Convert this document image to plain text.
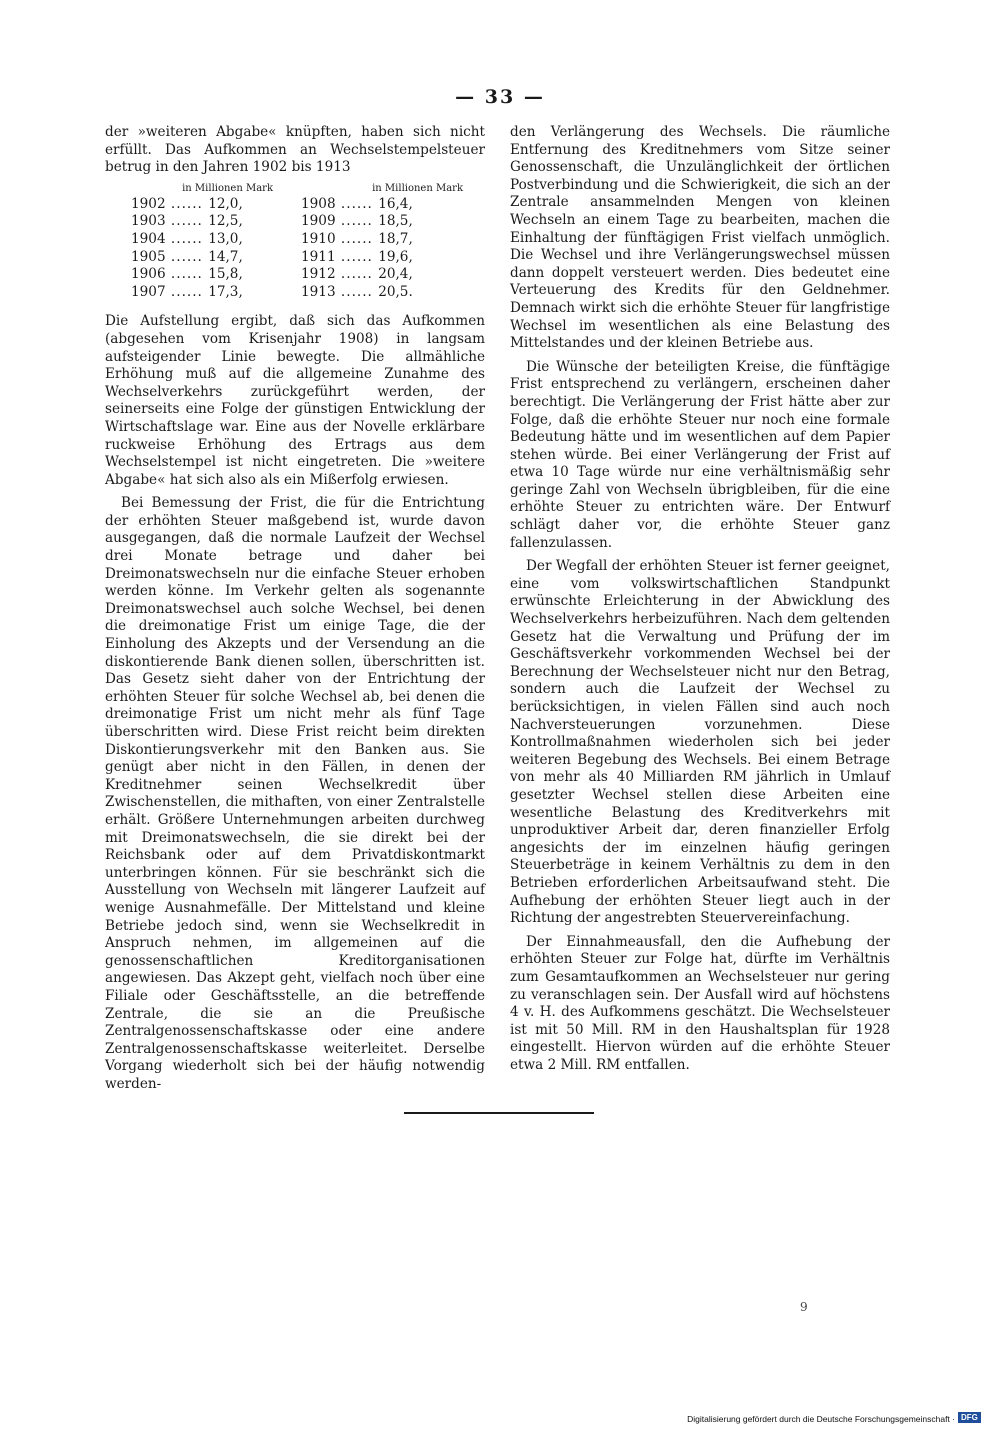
— 33 —

der »weiteren Abgabe« knüpften, haben sich nicht erfüllt. Das Aufkommen an Wechselstempelsteuer betrug in den Jahren 1902 bis 1913

in Millionen Mark	in Millionen Mark
1902 ...... 12,0,	1908 ...... 16,4,
1903 ...... 12,5,	1909 ...... 18,5,
1904 ...... 13,0,	1910 ...... 18,7,
1905 ...... 14,7,	1911 ...... 19,6,
1906 ...... 15,8,	1912 ...... 20,4,
1907 ...... 17,3,	1913 ...... 20,5.

Die Aufstellung ergibt, daß sich das Aufkommen (abgesehen vom Krisenjahr 1908) in langsam aufsteigender Linie bewegte. Die allmähliche Erhöhung muß auf die allgemeine Zunahme des Wechselverkehrs zurückgeführt werden, der seinerseits eine Folge der günstigen Entwicklung der Wirtschaftslage war. Eine aus der Novelle erklärbare ruckweise Erhöhung des Ertrags aus dem Wechselstempel ist nicht eingetreten. Die »weitere Abgabe« hat sich also als ein Mißerfolg erwiesen.

Bei Bemessung der Frist, die für die Entrichtung der erhöhten Steuer maßgebend ist, wurde davon ausgegangen, daß die normale Laufzeit der Wechsel drei Monate betrage und daher bei Dreimonatswechseln nur die einfache Steuer erhoben werden könne. Im Verkehr gelten als sogenannte Dreimonatswechsel auch solche Wechsel, bei denen die dreimonatige Frist um einige Tage, die der Einholung des Akzepts und der Versendung an die diskontierende Bank dienen sollen, überschritten ist. Das Gesetz sieht daher von der Entrichtung der erhöhten Steuer für solche Wechsel ab, bei denen die dreimonatige Frist um nicht mehr als fünf Tage überschritten wird. Diese Frist reicht beim direkten Diskontierungsverkehr mit den Banken aus. Sie genügt aber nicht in den Fällen, in denen der Kreditnehmer seinen Wechselkredit über Zwischenstellen, die mithaften, von einer Zentralstelle erhält. Größere Unternehmungen arbeiten durchweg mit Dreimonatswechseln, die sie direkt bei der Reichsbank oder auf dem Privatdiskontmarkt unterbringen können. Für sie beschränkt sich die Ausstellung von Wechseln mit längerer Laufzeit auf wenige Ausnahmefälle. Der Mittelstand und kleine Betriebe jedoch sind, wenn sie Wechselkredit in Anspruch nehmen, im allgemeinen auf die genossenschaftlichen Kreditorganisationen angewiesen. Das Akzept geht, vielfach noch über eine Filiale oder Geschäftsstelle, an die betreffende Zentrale, die sie an die Preußische Zentralgenossenschaftskasse oder eine andere Zentralgenossenschaftskasse weiterleitet. Derselbe Vorgang wiederholt sich bei der häufig notwendig werden-

den Verlängerung des Wechsels. Die räumliche Entfernung des Kreditnehmers vom Sitze seiner Genossenschaft, die Unzulänglichkeit der örtlichen Postverbindung und die Schwierigkeit, die sich an der Zentrale ansammelnden Mengen von kleinen Wechseln an einem Tage zu bearbeiten, machen die Einhaltung der fünftägigen Frist vielfach unmöglich. Die Wechsel und ihre Verlängerungswechsel müssen dann doppelt versteuert werden. Dies bedeutet eine Verteuerung des Kredits für den Geldnehmer. Demnach wirkt sich die erhöhte Steuer für langfristige Wechsel im wesentlichen als eine Belastung des Mittelstandes und der kleinen Betriebe aus.

Die Wünsche der beteiligten Kreise, die fünftägige Frist entsprechend zu verlängern, erscheinen daher berechtigt. Die Verlängerung der Frist hätte aber zur Folge, daß die erhöhte Steuer nur noch eine formale Bedeutung hätte und im wesentlichen auf dem Papier stehen würde. Bei einer Verlängerung der Frist auf etwa 10 Tage würde nur eine verhältnismäßig sehr geringe Zahl von Wechseln übrigbleiben, für die eine erhöhte Steuer zu entrichten wäre. Der Entwurf schlägt daher vor, die erhöhte Steuer ganz fallenzulassen.

Der Wegfall der erhöhten Steuer ist ferner geeignet, eine vom volkswirtschaftlichen Standpunkt erwünschte Erleichterung in der Abwicklung des Wechselverkehrs herbeizuführen. Nach dem geltenden Gesetz hat die Verwaltung und Prüfung der im Geschäftsverkehr vorkommenden Wechsel bei der Berechnung der Wechselsteuer nicht nur den Betrag, sondern auch die Laufzeit der Wechsel zu berücksichtigen, in vielen Fällen sind auch noch Nachversteuerungen vorzunehmen. Diese Kontrollmaßnahmen wiederholen sich bei jeder weiteren Begebung des Wechsels. Bei einem Betrage von mehr als 40 Milliarden RM jährlich in Umlauf gesetzter Wechsel stellen diese Arbeiten eine wesentliche Belastung des Kreditverkehrs mit unproduktiver Arbeit dar, deren finanzieller Erfolg angesichts der im einzelnen häufig geringen Steuerbeträge in keinem Verhältnis zu dem in den Betrieben erforderlichen Arbeitsaufwand steht. Die Aufhebung der erhöhten Steuer liegt auch in der Richtung der angestrebten Steuervereinfachung.

Der Einnahmeausfall, den die Aufhebung der erhöhten Steuer zur Folge hat, dürfte im Verhältnis zum Gesamtaufkommen an Wechselsteuer nur gering zu veranschlagen sein. Der Ausfall wird auf höchstens 4 v. H. des Aufkommens geschätzt. Die Wechselsteuer ist mit 50 Mill. RM in den Haushaltsplan für 1928 eingestellt. Hiervon würden auf die erhöhte Steuer etwa 2 Mill. RM entfallen.

9
Digitalisierung gefördert durch die Deutsche Forschungsgemeinschaft · DFG
